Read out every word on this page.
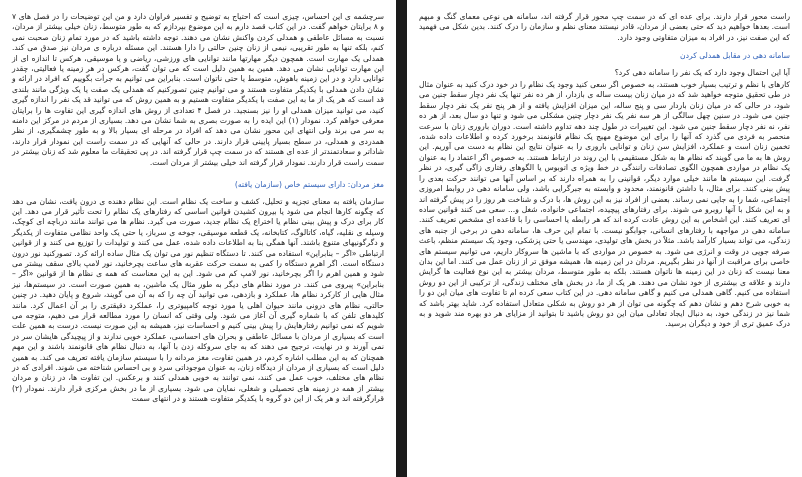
سرچشمه ی این احساس، چیزی است که احتیاج به توضیح و تفسیر فراوان دارد و من این توضیحات را در فصل های ۷ و ۸ برایتان خواهم گفت. در این کتاب قصد دارم به این موضوع بپردازم که به طور متوسط، زنان خیلی بیشتر از مردان، نسبت به مسائل عاطفی و همدلی کردن واکنش نشان می دهند. توجه داشته باشید که در مورد تمام زنان صحبت نمی کنم، بلکه تنها به طور تقریبی، نیمی از زنان چنین حالتی را دارا هستند. این مسئله درباره ی مردان نیز صدق می کند. همدلی یک مهارت است. همچون دیگر مهارتها مانند توانایی های ورزشی، ریاضی و یا موسیقی، هرکس تا اندازه ای از این مهارت توانایی نشان می دهد. همین به همین دلیل است که می توان گفت، هرکس در هر زمینه یا فعالیتی، چقدر توانایی دارد و در این زمینه باهوش، متوسط یا حتی ناتوان است. بنابراین می توانیم به جرأت بگوییم که افراد در ارائه و نشان دادن همدلی با یکدیگر متفاوت هستند و می توانیم چنین تصورکنیم که همدلی یک صفت یا یک ویژگی مانند بلندی قد است که هر یک از ما به این صفت با یکدیگر متفاوت هستیم و به همین روش که می توانید قد یک نفر را اندازه گیری کنید، می توانید میزان همدلی او را نیز بسنجید. در فصل ۴ تعدادی از روش های اندازه گیری این تفاوت ها را برایتان معرفی خواهم کرد. نمودار (۱) این ایده را به صورت بصری به شما نشان می دهد. بسیاری از مردم در مرکز این دامنه به سر می برند ولی انتهای این محور نشان می دهد که افراد در مرحله ای بسیار بالا و به طور چشمگیری، از نظر همدردی و همدلی، در سطح بسیار پایینی قرار دارند. در حالی که آنهایی که در سمت راست این نمودار قرار دارند، شاداتر و سعادتمندتر از عده ای هستند که در سمت چپ قرار گرفته اند. در پی تحقیقات ما معلوم شد که زنان بیشتر در سمت راست قرار دارند. نمودار قرار گرفته اند خیلی بیشتر از مردان است.

مغز مردان: دارای سیستم خاص (سازمان یافته)

سازمان یافته به معنای تجزیه و تحلیل، کشف و ساخت یک نظام است. این نظام دهنده ی درون یافت، نشان می دهد که چگونه کارها انجام می شود یا بیرون کشیدن قوانین اساسی که رفتارهای یک نظام را تحت تأثیر قرار می دهد. این کار برای درک و پیش بینی نظام یا اختراع یک نظام جدید، صورت می گیرد. نظام ها می توانند مانند درباچه ای کوچک، وسیله ی نقلیه، گیاه، کاتالوگ، کتابخانه، یک قطعه موسیقی، جوخه ی سرباز، یا حتی یک واحد نظامی متفاوت از یکدیگر و دگرگونیهای متنوع باشند. آنها همگی بنا به اطلاعات داده شده، عمل می کنند و تولیدات را توزیع می کنند و از قوانین ارتباطی «اگر – بنابراین» استفاده می کنند. تا دستگاه تنظیم نور می توان یک مثال ساده ارائه کرد. تصورکنید نور درون دستگاه است. اگر اهرم دستگاه را کمی به سمت حرکت عقربه های ساعت بچرخانید، نور لامپ بالای سقف بیشتر می شود و همین اهرم را اگر بچرخانید، نور لامپ کم می شود. این به این معناست که همه ی نظام ها از قوانین «اگر – بنابراین» پیروی می کنند. در مورد نظام های دیگر به طور مثال یک ماشین، به همین صورت است. در سیستم‌ها، نیز مثال هایی از کارکرد نظام ها، عملکرد و بازدهی، می توانید آن چه را که به آن می گویند، شروع و پایان دهید. در چنین حالتی، نظام های درونی مانند حیوان اهلی یا مورد توجه کامپیوتری را، عملکرد دقیقتری را بر آن اعمال کرد. مانند کلیدهای تلفن که با شماره گیری آن آغاز می شود. ولی وقتی که انسان را مورد مطالعه قرار می دهیم، متوجه می شویم که نمی توانیم رفتارهایش را پیش بینی کنیم و احساسات نیز، همیشه به این صورت نیست. درست به همین علت است که بسیاری از مردان با مسائل عاطفی و بحران های احساسی، عملکرد خوبی ندارند و از پیچیدگی هایشان سر در نمی آورند و در نهایت، ترجیح می دهند که به جای سروکله زدن با آنها، به دنبال نظام های قانونمند باشند و این مهم همچنان که به این مطلب اشاره کردم، در همین تفاوت، مغز مردانه را با سیستم سازمان یافته تعریف می کند. به همین دلیل است که بسیاری از مردان از دیدگاه زنان، به عنوان موجوداتی سرد و بی احساس شناخته می شوند. افرادی که در نظام های مختلف، خوب عمل می کنند، نمی توانند به خوبی همدلی کنند و برعکس. این تفاوت ها، در زنان و مردان بیشتر از همه در زمینه های تحصیلی و شغلی، نمایان می شود. بسیاری از ما در بخش مرکزی قرار دارند. نمودار (۲) قرارگرفته اند و هر یک از این دو گروه با یکدیگر متفاوت هستند و در انتهای سمت

راست محور قرار دارند. برای عده ای که در سمت چپ محور قرار گرفته اند، سامانه هی نوعی معمای گنگ و مبهم است. بعدها خواهیم دید که حتی بعضی از مردان، قادر نیستند معنای نظم و سازمان را درک کنند. بدین شکل می فهمید که این صفت نیز، در افراد به میزان متفاوتی وجود دارد.

سامانه دهی در مقابل همدلی کردن

آیا این احتمال وجود دارد که یک نفر را سامانه دهی کرد؟

کارهای با نظم و ترتیب بسیار خوب هستند، به خصوص اگر سعی کنید وجود یک نظام را در خود درک کنید به عنوان مثال در طی تحقیق متوجه خواهید شد که در میان زنان بیست ساله ی بازدار، از هر ده نفر تنها یک نفر دچار سقط جنین می شود، در حالی که در میان زنان باردار سی و پنج ساله، این میزان افزایش یافته و از هر پنج نفر یک نفر دچار سقط جنین می شود. در سنین چهل سالگی از هر سه نفر یک نفر دچار چنین مشکلی می شود و تنها دو سال بعد، از هر ده نفر، نه نفر دچار سقط جنین می شود. این تغییرات در طول چند دهه تداوم داشته است. دوران باروری زنان با سرعت منحصر به فردی می گذرد که آنها را برای این موضوع مهیج یک نظام قانونمند برخورد کرده و اطلاعات داده شده، تخمین زنان است و عملکرد، افزایش سن زنان و توانایی باروری را به عنوان نتایج این نظام به دست می آوریم. این روش ها به ما می گویند که نظام ها به شکل مستقیمی با این روند در ارتباط هستند. به خصوص اگر اعتماد را به عنوان یک نظام در مواردی همچون الگوی تصادفات رانندگی در خط ویژه ی اتوبوس یا الگوهای رفتاری زاگی گیری، در نظر گرفت. این سیستم ها مانند خیلی موارد دیگر، قوانینی را به همراه دارند که بر اساس آنها می توانند حرکت بعدی را پیش بینی کنند. برای مثال، با داشتن قانونمند، محدود و وابسته به جبرگرایی باشد، ولی سامانه دهی در روابط امروزی اجتماعی، شما را به جایی نمی رساند. بعضی از افراد نیز به این روش ها، با درک و شناخت هر روز را در پیش گرفته اند و به این شکل با آنها روبرو می شوند. برای رفتارهای پیچیده، اجتماعی خانواده، شغل و... سعی می کنند قوانین ساده ای تعریف کنند. این اشخاص به این روش عادت کرده اند که هر رابطه یا احساسی را با قاعده ای مشخص تعریف کنند. سامانه دهی در مواجهه با رفتارهای انسانی، جوابگو نیست. با تمام این حرف ها، سامانه دهی در برخی از جنبه های زندگی، می تواند بسیار کارآمد باشد. مثلاً در بخش های تولیدی، مهندسی یا حتی پزشکی، وجود یک سیستم منظم، باعث صرفه جویی در وقت و انرژی می شود. به خصوص در مواردی که با ماشین ها سروکار داریم، می توانیم سیستم های خاصی برای مراقبت از آنها در نظر بگیریم. مردان در این زمینه ها، همیشه موفق تر از زنان عمل می کنند. اما این بدان معنا نیست که زنان در این زمینه ها ناتوان هستند. بلکه به طور متوسط، مردان بیشتر به این نوع فعالیت ها گرایش دارند و علاقه ی بیشتری از خود نشان می دهند. هر یک از ما، در بخش های مختلف زندگی، از ترکیبی از این دو روش استفاده می کنیم. گاهی همدلی می کنیم و گاهی سامانه دهی. در این کتاب سعی کرده ام تا تفاوت های میان این دو را به خوبی شرح دهم و نشان دهم که چگونه می توان از هر دو روش به شکلی متعادل استفاده کرد. شاید بهتر باشد که شما نیز در زندگی خود، به دنبال ایجاد تعادلی میان این دو روش باشید تا بتوانید از مزایای هر دو بهره مند شوید و به درک عمیق تری از خود و دیگران برسید.
